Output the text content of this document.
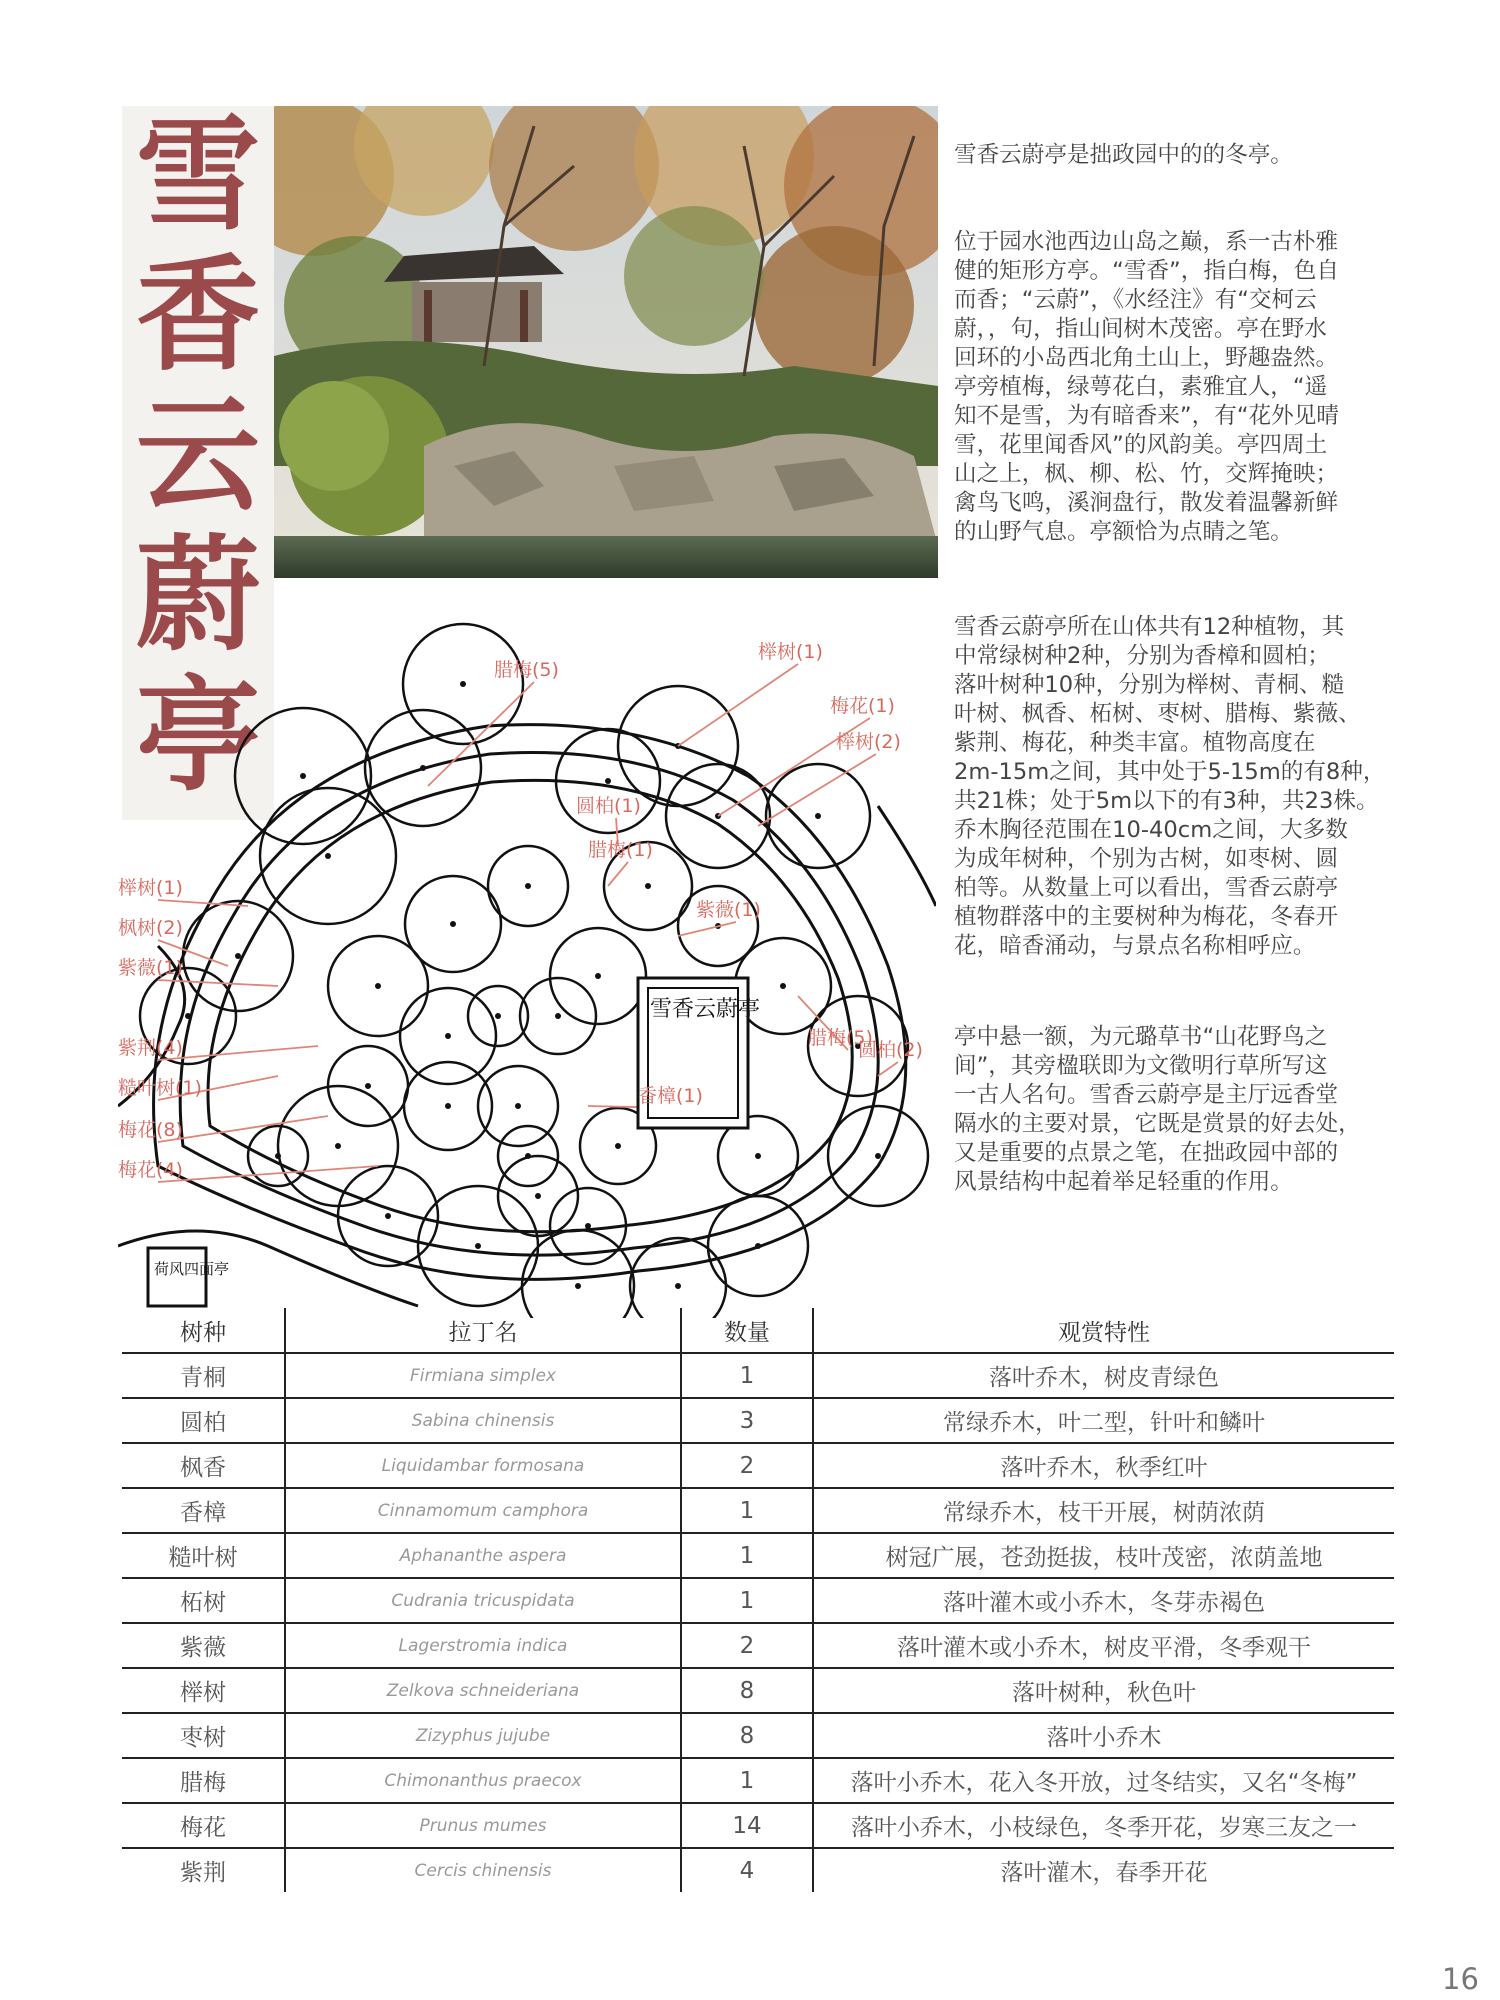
雪
香
云
蔚
亭
雪香云蔚亭是拙政园中的的冬亭。
位于园水池西边山岛之巅，系一古朴雅
健的矩形方亭。“雪香”，指白梅，色自
而香；“云蔚”，《水经注》有“交柯云
蔚，，句，指山间树木茂密。亭在野水
回环的小岛西北角土山上，野趣盎然。
亭旁植梅，绿萼花白，素雅宜人，“遥
知不是雪，为有暗香来”，有“花外见晴
雪，花里闻香风”的风韵美。亭四周土
山之上，枫、柳、松、竹，交辉掩映；
禽鸟飞鸣，溪涧盘行，散发着温馨新鲜
的山野气息。亭额恰为点睛之笔。
雪香云蔚亭所在山体共有12种植物，其
中常绿树种2种，分别为香樟和圆柏；
落叶树种10种，分别为榉树、青桐、糙
叶树、枫香、柘树、枣树、腊梅、紫薇、
紫荆、梅花，种类丰富。植物高度在
2m-15m之间，其中处于5-15m的有8种，
共21株；处于5m以下的有3种，共23株。
乔木胸径范围在10-40cm之间，大多数
为成年树种，个别为古树，如枣树、圆
柏等。从数量上可以看出，雪香云蔚亭
植物群落中的主要树种为梅花，冬春开
花，暗香涌动，与景点名称相呼应。
亭中悬一额，为元璐草书“山花野鸟之
间”，其旁楹联即为文徵明行草所写这
一古人名句。雪香云蔚亭是主厅远香堂
隔水的主要对景，它既是赏景的好去处，
又是重要的点景之笔，在拙政园中部的
风景结构中起着举足轻重的作用。
雪香云蔚亭
荷风四面亭
腊梅(5)
榉树(1)
梅花(1)
榉树(2)
圆柏(1)
腊梅(1)
紫薇(1)
榉树(1)
枫树(2)
紫薇(1)
紫荆(4)
糙叶树(1)
梅花(8)
梅花(4)
香樟(1)
圆柏(2)
腊梅(5)
树种	拉丁名	数量	观赏特性
青桐	Firmiana simplex	1	落叶乔木，树皮青绿色
圆柏	Sabina chinensis	3	常绿乔木，叶二型，针叶和鳞叶
枫香	Liquidambar formosana	2	落叶乔木，秋季红叶
香樟	Cinnamomum camphora	1	常绿乔木，枝干开展，树荫浓荫
糙叶树	Aphananthe aspera	1	树冠广展，苍劲挺拔，枝叶茂密，浓荫盖地
柘树	Cudrania tricuspidata	1	落叶灌木或小乔木，冬芽赤褐色
紫薇	Lagerstromia indica	2	落叶灌木或小乔木，树皮平滑，冬季观干
榉树	Zelkova schneideriana	8	落叶树种，秋色叶
枣树	Zizyphus jujube	8	落叶小乔木
腊梅	Chimonanthus praecox	1	落叶小乔木，花入冬开放，过冬结实，又名“冬梅”
梅花	Prunus mumes	14	落叶小乔木，小枝绿色，冬季开花，岁寒三友之一
紫荆	Cercis chinensis	4	落叶灌木，春季开花
16
